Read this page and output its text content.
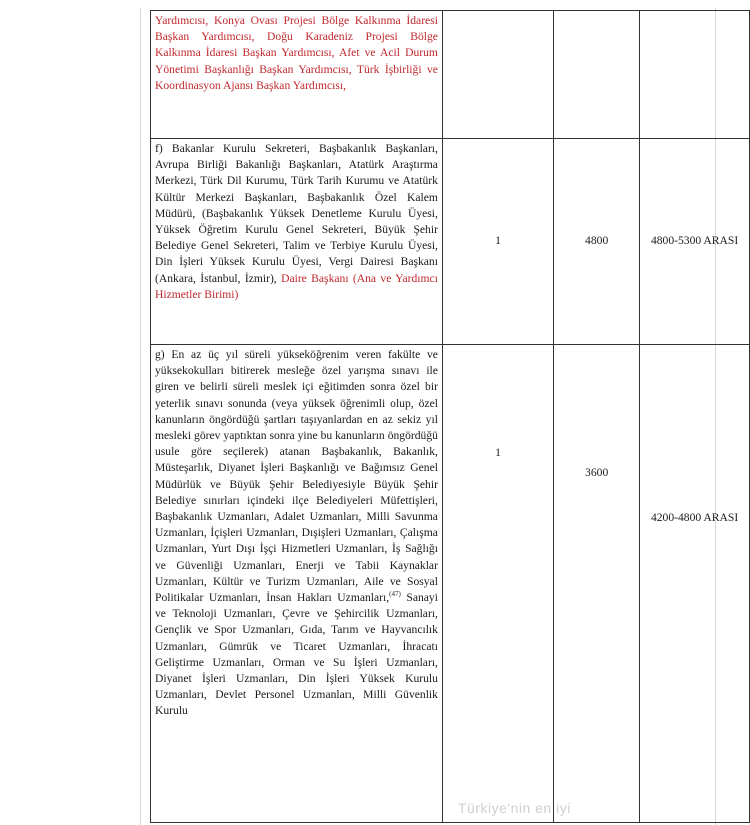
Yardımcısı, Konya Ovası Projesi Bölge Kalkınma İdaresi Başkan Yardımcısı, Doğu Karadeniz Projesi Bölge Kalkınma İdaresi Başkan Yardımcısı, Afet ve Acil Durum Yönetimi Başkanlığı Başkan Yardımcısı, Türk İşbirliği ve Koordinasyon Ajansı Başkan Yardımcısı,			
f) Bakanlar Kurulu Sekreteri, Başbakanlık Başkanları, Avrupa Birliği Bakanlığı Başkanları, Atatürk Araştırma Merkezi, Türk Dil Kurumu, Türk Tarih Kurumu ve Atatürk Kültür Merkezi Başkanları, Başbakanlık Özel Kalem Müdürü, (Başbakanlık Yüksek Denetleme Kurulu Üyesi, Yüksek Öğretim Kurulu Genel Sekreteri, Büyük Şehir Belediye Genel Sekreteri, Talim ve Terbiye Kurulu Üyesi, Din İşleri Yüksek Kurulu Üyesi, Vergi Dairesi Başkanı (Ankara, İstanbul, İzmir), Daire Başkanı (Ana ve Yardımcı Hizmetler Birimi)	1	4800	4800-5300 ARASI
g) En az üç yıl süreli yükseköğrenim veren fakülte ve yüksekokulları bitirerek mesleğe özel yarışma sınavı ile giren ve belirli süreli meslek içi eğitimden sonra özel bir yeterlik sınavı sonunda (veya yüksek öğrenimli olup, özel kanunların öngördüğü şartları taşıyanlardan en az sekiz yıl mesleki görev yaptıktan sonra yine bu kanunların öngördüğü usule göre seçilerek) atanan Başbakanlık, Bakanlık, Müsteşarlık, Diyanet İşleri Başkanlığı ve Bağımsız Genel Müdürlük ve Büyük Şehir Belediyesiyle Büyük Şehir Belediye sınırları içindeki ilçe Belediyeleri Müfettişleri, Başbakanlık Uzmanları, Adalet Uzmanları, Milli Savunma Uzmanları, İçişleri Uzmanları, Dışişleri Uzmanları, Çalışma Uzmanları, Yurt Dışı İşçi Hizmetleri Uzmanları, İş Sağlığı ve Güvenliği Uzmanları, Enerji ve Tabii Kaynaklar Uzmanları, Kültür ve Turizm Uzmanları, Aile ve Sosyal Politikalar Uzmanları, İnsan Hakları Uzmanları,$^{(47)}$ Sanayi ve Teknoloji Uzmanları, Çevre ve Şehircilik Uzmanları, Gençlik ve Spor Uzmanları, Gıda, Tarım ve Hayvancılık Uzmanları, Gümrük ve Ticaret Uzmanları, İhracatı Geliştirme Uzmanları, Orman ve Su İşleri Uzmanları, Diyanet İşleri Uzmanları, Din İşleri Yüksek Kurulu Uzmanları, Devlet Personel Uzmanları, Milli Güvenlik Kurulu	1	3600	4200-4800 ARASI
Türkiye'nin en iyi
